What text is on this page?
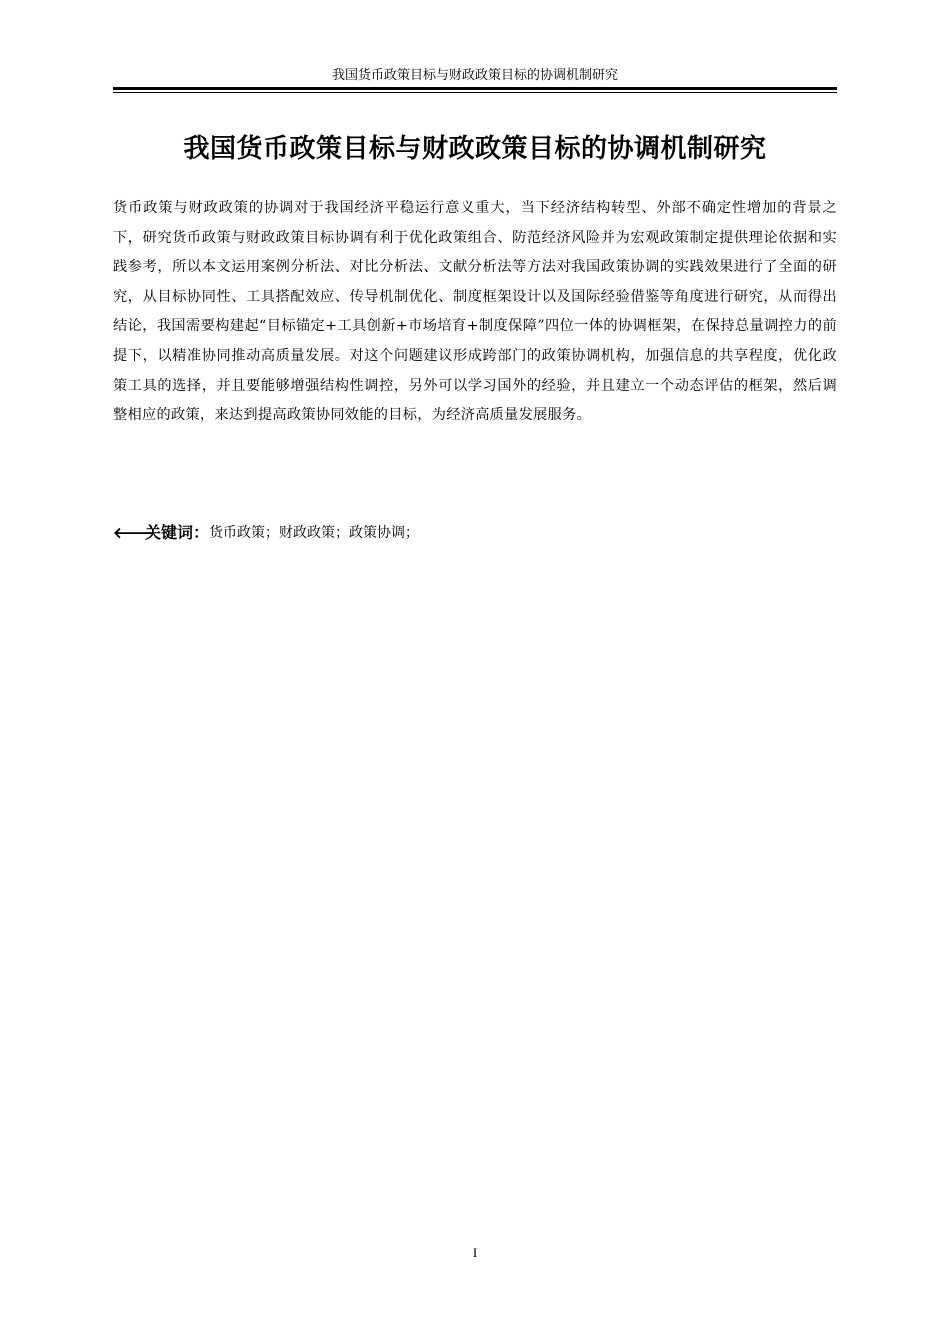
我国货币政策目标与财政政策目标的协调机制研究
我国货币政策目标与财政政策目标的协调机制研究

货币政策与财政政策的协调对于我国经济平稳运行意义重大，当下经济结构转型、外部不确定性增加的背景之下，研究货币政策与财政政策目标协调有利于优化政策组合、防范经济风险并为宏观政策制定提供理论依据和实践参考，所以本文运用案例分析法、对比分析法、文献分析法等方法对我国政策协调的实践效果进行了全面的研究，从目标协同性、工具搭配效应、传导机制优化、制度框架设计以及国际经验借鉴等角度进行研究，从而得出结论，我国需要构建起“目标锚定+工具创新+市场培育+制度保障”四位一体的协调框架，在保持总量调控力的前提下，以精准协同推动高质量发展。对这个问题建议形成跨部门的政策协调机构，加强信息的共享程度，优化政策工具的选择，并且要能够增强结构性调控，另外可以学习国外的经验，并且建立一个动态评估的框架，然后调整相应的政策，来达到提高政策协同效能的目标，为经济高质量发展服务。

🡐
关键词： 货币政策；财政政策；政策协调；
I
